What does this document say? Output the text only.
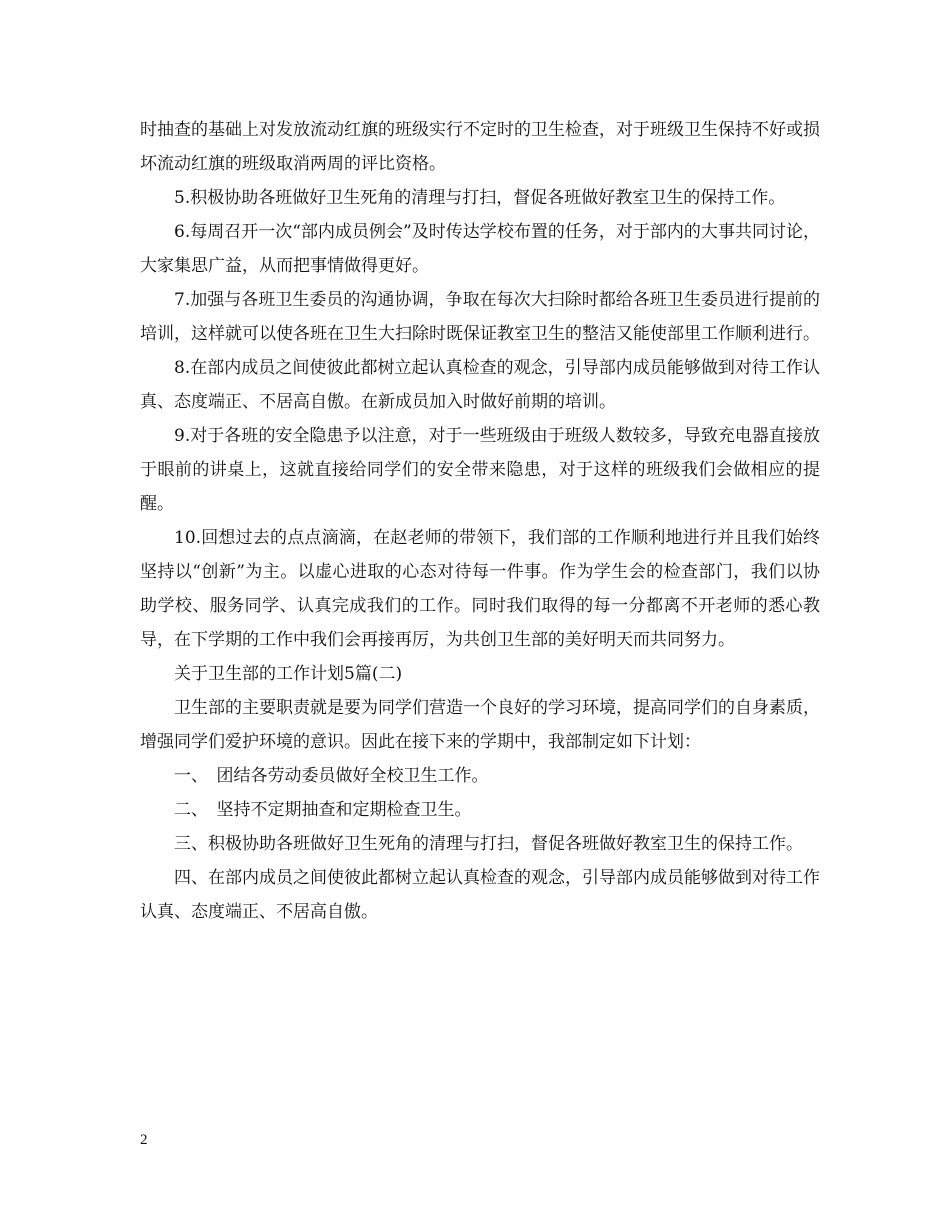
时抽查的基础上对发放流动红旗的班级实行不定时的卫生检查，对于班级卫生保持不好或损坏流动红旗的班级取消两周的评比资格。

5.积极协助各班做好卫生死角的清理与打扫，督促各班做好教室卫生的保持工作。

6.每周召开一次“部内成员例会”及时传达学校布置的任务，对于部内的大事共同讨论，大家集思广益，从而把事情做得更好。

7.加强与各班卫生委员的沟通协调，争取在每次大扫除时都给各班卫生委员进行提前的培训，这样就可以使各班在卫生大扫除时既保证教室卫生的整洁又能使部里工作顺利进行。

8.在部内成员之间使彼此都树立起认真检查的观念，引导部内成员能够做到对待工作认真、态度端正、不居高自傲。在新成员加入时做好前期的培训。

9.对于各班的安全隐患予以注意，对于一些班级由于班级人数较多，导致充电器直接放于眼前的讲桌上，这就直接给同学们的安全带来隐患，对于这样的班级我们会做相应的提醒。

10.回想过去的点点滴滴，在赵老师的带领下，我们部的工作顺利地进行并且我们始终坚持以“创新”为主。以虚心进取的心态对待每一件事。作为学生会的检查部门，我们以协助学校、服务同学、认真完成我们的工作。同时我们取得的每一分都离不开老师的悉心教导，在下学期的工作中我们会再接再厉，为共创卫生部的美好明天而共同努力。

关于卫生部的工作计划5篇(二)

卫生部的主要职责就是要为同学们营造一个良好的学习环境，提高同学们的自身素质，增强同学们爱护环境的意识。因此在接下来的学期中，我部制定如下计划：

一、　团结各劳动委员做好全校卫生工作。

二、　坚持不定期抽查和定期检查卫生。

三、积极协助各班做好卫生死角的清理与打扫，督促各班做好教室卫生的保持工作。

四、在部内成员之间使彼此都树立起认真检查的观念，引导部内成员能够做到对待工作认真、态度端正、不居高自傲。

2
